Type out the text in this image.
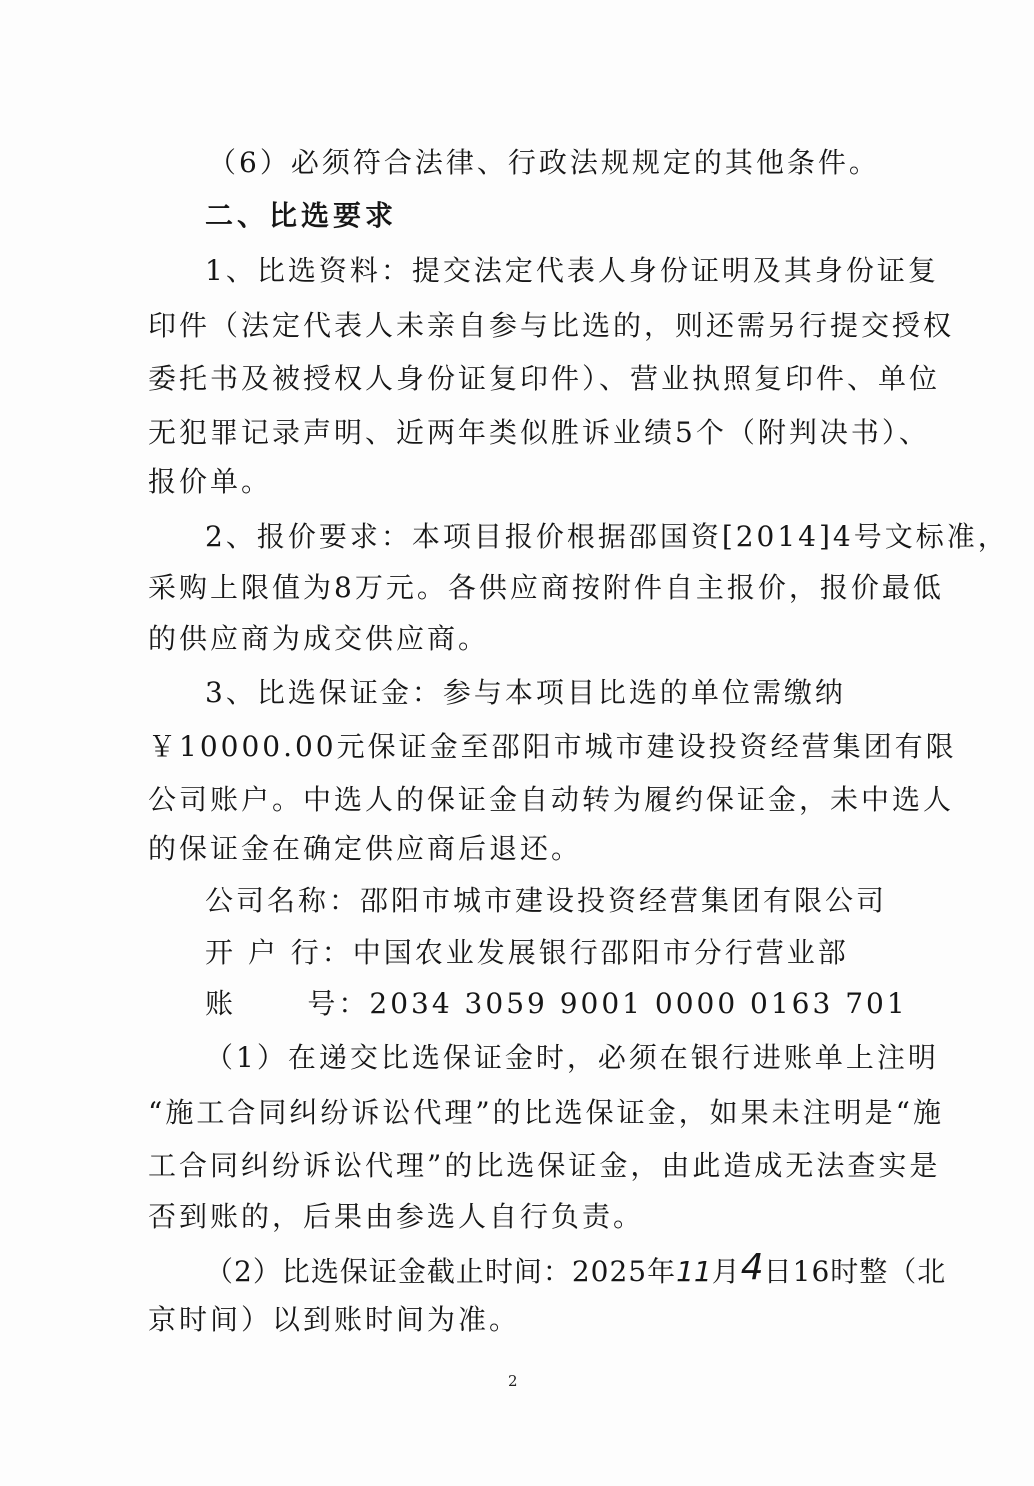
（6）必须符合法律、行政法规规定的其他条件。
二、比选要求
1、比选资料：提交法定代表人身份证明及其身份证复
印件（法定代表人未亲自参与比选的，则还需另行提交授权
委托书及被授权人身份证复印件）、营业执照复印件、单位
无犯罪记录声明、近两年类似胜诉业绩5个（附判决书）、
报价单。
2、报价要求：本项目报价根据邵国资[2014]4号文标准，
采购上限值为8万元。各供应商按附件自主报价，报价最低
的供应商为成交供应商。
3、比选保证金：参与本项目比选的单位需缴纳
￥10000.00元保证金至邵阳市城市建设投资经营集团有限
公司账户。中选人的保证金自动转为履约保证金，未中选人
的保证金在确定供应商后退还。
公司名称：邵阳市城市建设投资经营集团有限公司
开 户 行：中国农业发展银行邵阳市分行营业部
账      号：2034 3059 9001 0000 0163 701
（1）在递交比选保证金时，必须在银行进账单上注明
“施工合同纠纷诉讼代理”的比选保证金，如果未注明是“施
工合同纠纷诉讼代理”的比选保证金，由此造成无法查实是
否到账的，后果由参选人自行负责。
（2）比选保证金截止时间：2025年11月4日16时整（北
京时间）以到账时间为准。
2
